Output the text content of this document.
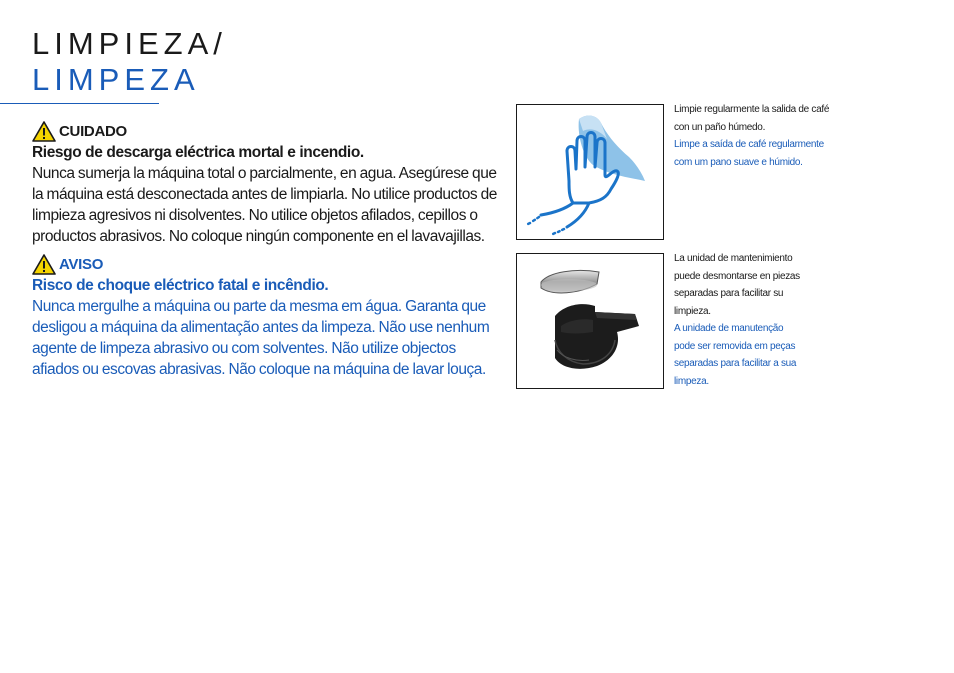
LIMPIEZA/
LIMPEZA
CUIDADO
Riesgo de descarga eléctrica mortal e incendio.
Nunca sumerja la máquina total o parcialmente, en agua. Asegúrese que la máquina está desconectada antes de limpiarla. No utilice productos de limpieza agresivos ni disolventes. No utilice objetos afilados, cepillos o productos abrasivos. No coloque ningún componente en el lavavajillas.
AVISO
Risco de choque eléctrico fatal e incêndio.
Nunca mergulhe a máquina ou parte da mesma em água. Garanta que desligou a máquina da alimentação antes da limpeza. Não use nenhum agente de limpeza abrasivo ou com solventes. Não utilize objectos afiados ou escovas abrasivas. Não coloque na máquina de lavar louça.
Limpie regularmente la salida de café con un paño húmedo.
Limpe a saída de café regularmente com um pano suave e húmido.
La unidad de mantenimiento puede desmontarse en piezas separadas para facilitar su limpieza.
A unidade de manutenção pode ser removida em peças separadas para facilitar a sua limpeza.
